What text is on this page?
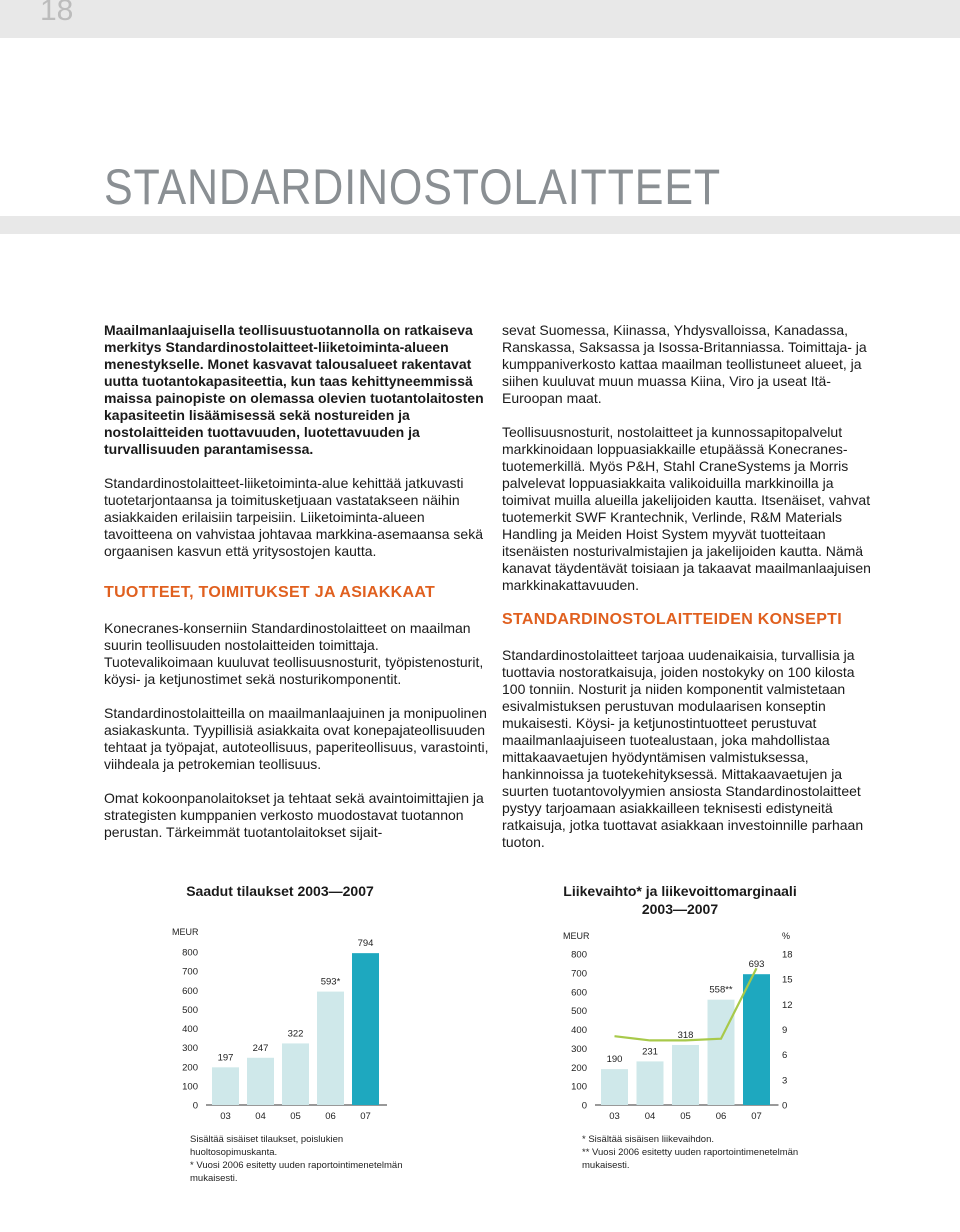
18
STANDARDINOSTOLAITTEET

Maailmanlaajuisella teollisuustuotannolla on ratkaiseva merkitys Standardinostolaitteet-liiketoiminta-alueen menestykselle. Monet kasvavat talousalueet rakentavat uutta tuotantokapasiteettia, kun taas kehittyneemmissä maissa painopiste on olemassa olevien tuotantolaitosten kapasiteetin lisäämisessä sekä nostureiden ja nostolaitteiden tuottavuuden, luotettavuuden ja turvallisuuden parantamisessa.

Standardinostolaitteet-liiketoiminta-alue kehittää jatkuvasti tuotetarjontaansa ja toimitusketjuaan vastatakseen näihin asiakkaiden erilaisiin tarpeisiin. Liiketoiminta-alueen tavoitteena on vahvistaa johtavaa markkina-asemaansa sekä orgaanisen kasvun että yritysostojen kautta.

TUOTTEET, TOIMITUKSET JA ASIAKKAAT

Konecranes-konserniin Standardinostolaitteet on maailman suurin teollisuuden nostolaitteiden toimittaja. Tuotevalikoimaan kuuluvat teollisuusnosturit, työpistenosturit, köysi- ja ketjunostimet sekä nosturikomponentit.

Standardinostolaitteilla on maailmanlaajuinen ja monipuolinen asiakaskunta. Tyypillisiä asiakkaita ovat konepajateollisuuden tehtaat ja työpajat, autoteollisuus, paperiteollisuus, varastointi, viihdeala ja petrokemian teollisuus.

Omat kokoonpanolaitokset ja tehtaat sekä avaintoimittajien ja strategisten kumppanien verkosto muodostavat tuotannon perustan. Tärkeimmät tuotantolaitokset sijait-

sevat Suomessa, Kiinassa, Yhdysvalloissa, Kanadassa, Ranskassa, Saksassa ja Isossa-Britanniassa. Toimittaja- ja kumppaniverkosto kattaa maailman teollistuneet alueet, ja siihen kuuluvat muun muassa Kiina, Viro ja useat Itä-Euroopan maat.

Teollisuusnosturit, nostolaitteet ja kunnossapitopalvelut markkinoidaan loppuasiakkaille etupäässä Konecranes-tuotemerkillä. Myös P&H, Stahl CraneSystems ja Morris palvelevat loppuasiakkaita valikoiduilla markkinoilla ja toimivat muilla alueilla jakelijoiden kautta. Itsenäiset, vahvat tuotemerkit SWF Krantechnik, Verlinde, R&M Materials Handling ja Meiden Hoist System myyvät tuotteitaan itsenäisten nosturivalmistajien ja jakelijoiden kautta. Nämä kanavat täydentävät toisiaan ja takaavat maailmanlaajuisen markkinakattavuuden.

STANDARDINOSTOLAITTEIDEN KONSEPTI

Standardinostolaitteet tarjoaa uudenaikaisia, turvallisia ja tuottavia nostoratkaisuja, joiden nostokyky on 100 kilosta 100 tonniin. Nosturit ja niiden komponentit valmistetaan esivalmistuksen perustuvan modulaarisen konseptin mukaisesti. Köysi- ja ketjunostintuotteet perustuvat maailmanlaajuiseen tuotealustaan, joka mahdollistaa mittakaavaetujen hyödyntämisen valmistuksessa, hankinnoissa ja tuotekehityksessä. Mittakaavaetujen ja suurten tuotantovolyymien ansiosta Standardinostolaitteet pystyy tarjoamaan asiakkailleen teknisesti edistyneitä ratkaisuja, jotka tuottavat asiakkaan investoinnille parhaan tuoton.

Saadut tilaukset 2003—2007
MEUR
0
100
200
300
400
500
600
700
800
197
03
247
04
322
05
593*
06
794
07
Sisältää sisäiset tilaukset, poislukien huoltosopimuskanta.
* Vuosi 2006 esitetty uuden raportointimenetelmän mukaisesti.
Liikevaihto* ja liikevoittomarginaali 2003—2007
MEUR
0
100
200
300
400
500
600
700
800
190
03
231
04
318
05
558**
06
693
07
%
0
3
6
9
12
15
18
* Sisältää sisäisen liikevaihdon.
** Vuosi 2006 esitetty uuden raportointimenetelmän mukaisesti.
